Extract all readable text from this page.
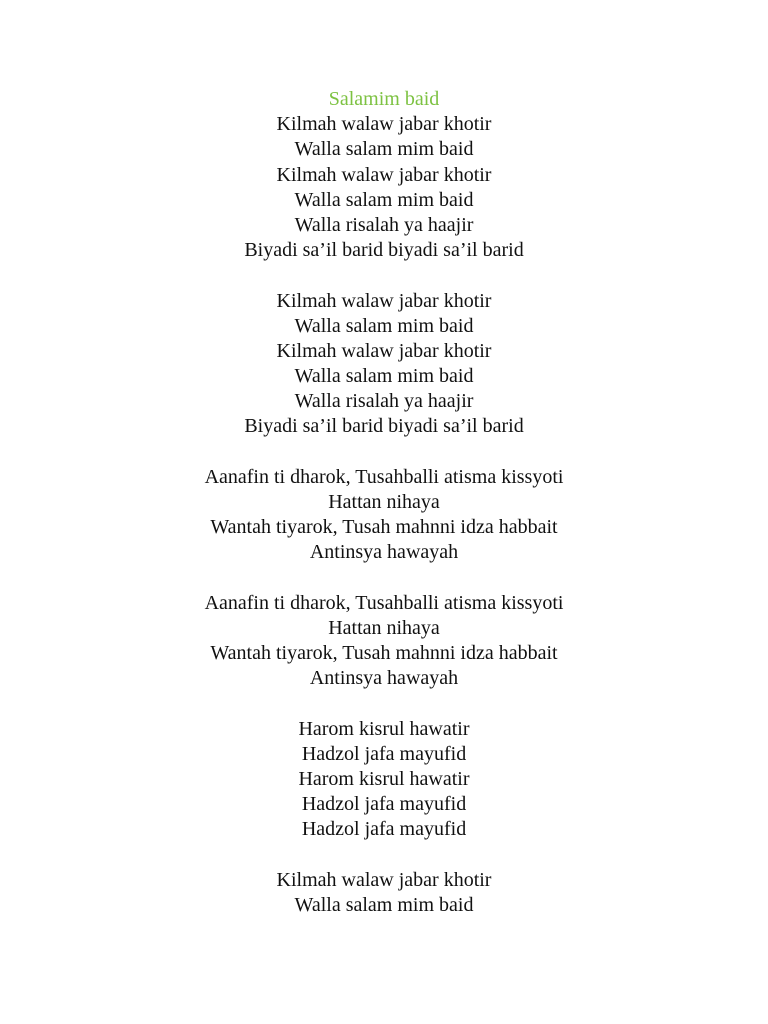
Salamim baid
Kilmah walaw jabar khotir
Walla salam mim baid
Kilmah walaw jabar khotir
Walla salam mim baid
Walla risalah ya haajir
Biyadi sa’il barid biyadi sa’il barid
Kilmah walaw jabar khotir
Walla salam mim baid
Kilmah walaw jabar khotir
Walla salam mim baid
Walla risalah ya haajir
Biyadi sa’il barid biyadi sa’il barid
Aanafin ti dharok, Tusahballi atisma kissyoti
Hattan nihaya
Wantah tiyarok, Tusah mahnni idza habbait
Antinsya hawayah
Aanafin ti dharok, Tusahballi atisma kissyoti
Hattan nihaya
Wantah tiyarok, Tusah mahnni idza habbait
Antinsya hawayah
Harom kisrul hawatir
Hadzol jafa mayufid
Harom kisrul hawatir
Hadzol jafa mayufid
Hadzol jafa mayufid
Kilmah walaw jabar khotir
Walla salam mim baid
